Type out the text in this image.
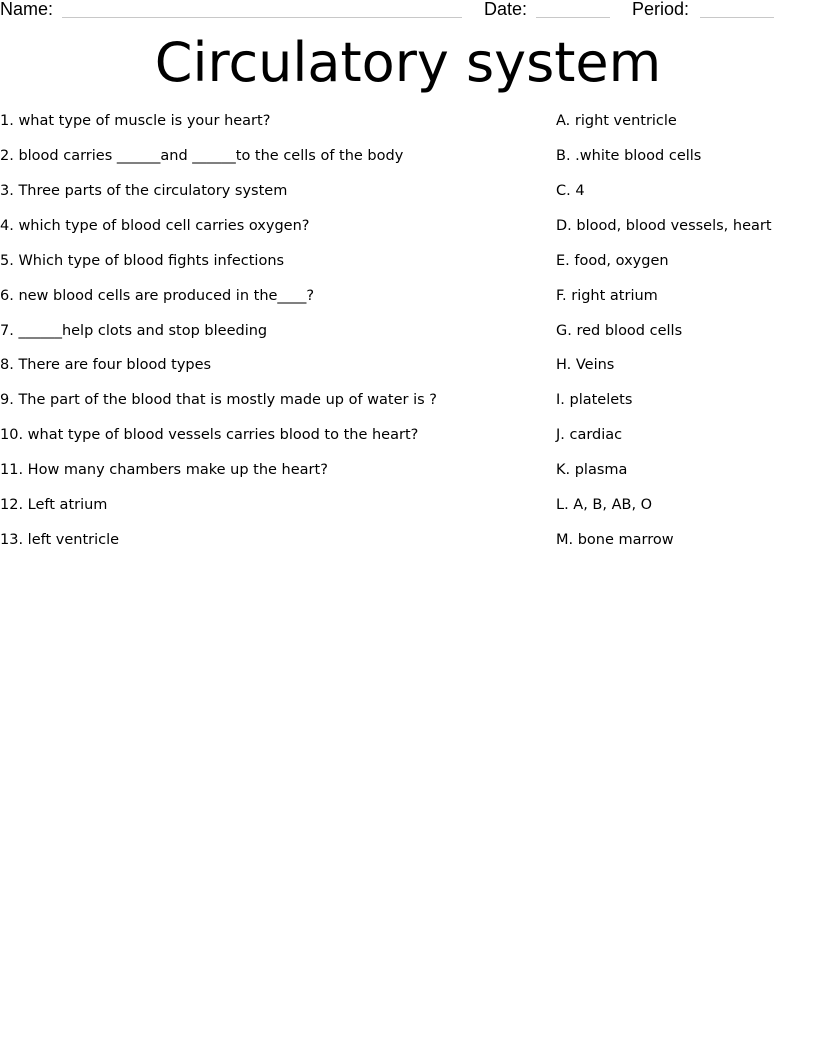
Name:	Date:	Period:
Circulatory system
1. what type of muscle is your heart?
2. blood carries ______and ______to the cells of the body
3. Three parts of the circulatory system
4. which type of blood cell carries oxygen?
5. Which type of blood fights infections
6. new blood cells are produced in the____?
7. ______help clots and stop bleeding
8. There are four blood types
9. The part of the blood that is mostly made up of water is ?
10. what type of blood vessels carries blood to the heart?
11. How many chambers make up the heart?
12. Left atrium
13. left ventricle
A. right ventricle
B. .white blood cells
C. 4
D. blood, blood vessels, heart
E. food, oxygen
F. right atrium
G. red blood cells
H. Veins
I. platelets
J. cardiac
K. plasma
L. A, B, AB, O
M. bone marrow
